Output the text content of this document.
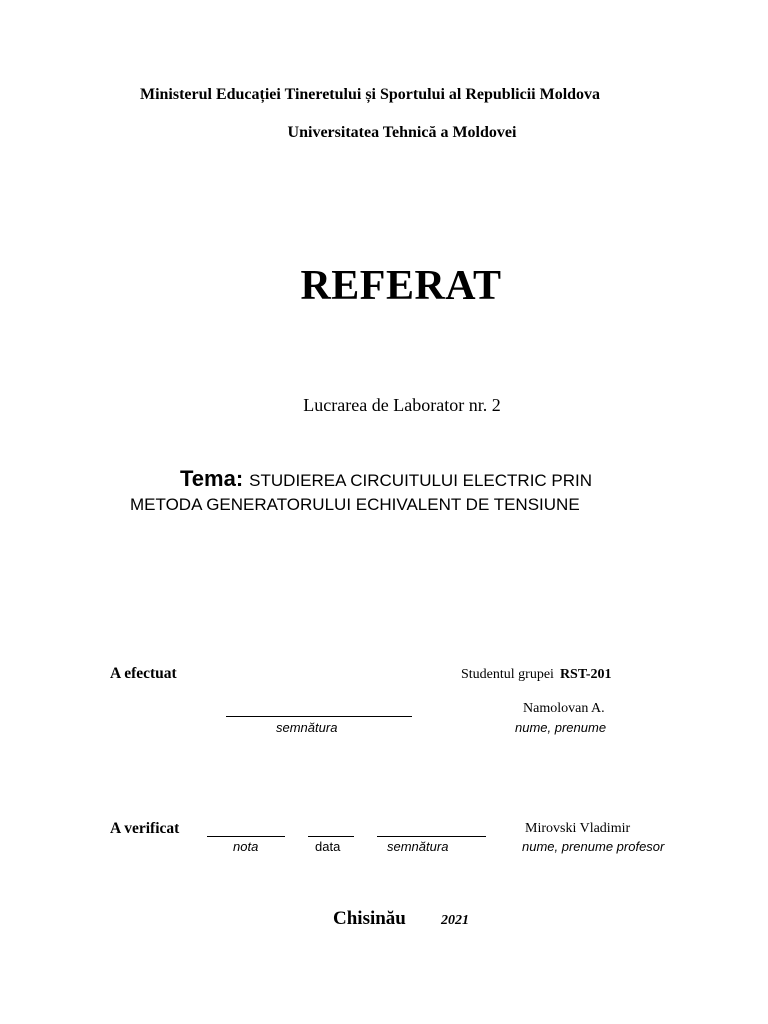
Ministerul Educației Tineretului și Sportului al Republicii Moldova
Universitatea Tehnică a Moldovei
REFERAT
Lucrarea de Laborator nr. 2
Tema: STUDIEREA CIRCUITULUI ELECTRIC PRIN
METODA GENERATORULUI ECHIVALENT DE TENSIUNE
A efectuat	Studentul grupei RST-201
semnătura
Namolovan A.
nume, prenume
A verificat
nota	data	semnătura
Mirovski Vladimir
nume, prenume profesor
Chisinău	2021
